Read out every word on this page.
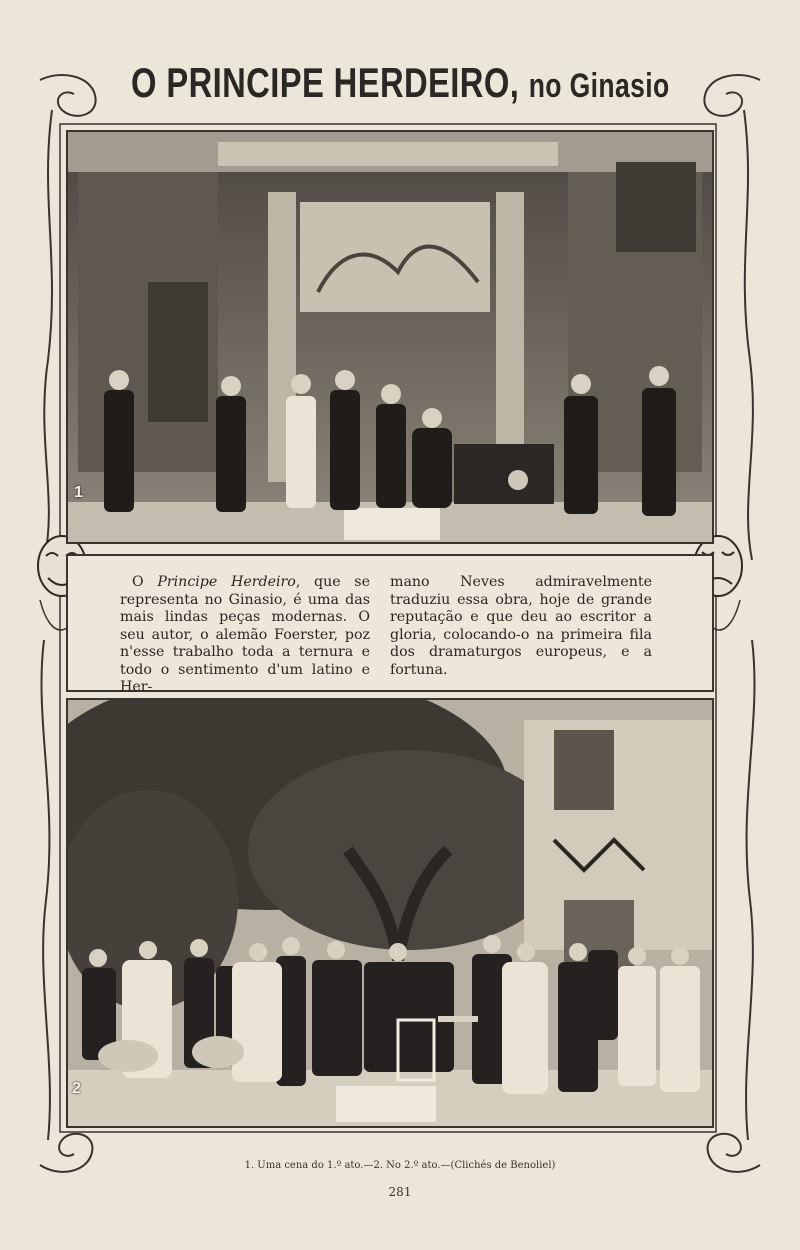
O PRINCIPE HERDEIRO, no Ginasio
1
O Principe Herdeiro, que se representa no Ginasio, é uma das mais lindas peças modernas. O seu autor, o alemão Foerster, poz n'esse trabalho toda a ternura e todo o sentimento d'um latino e Her-
mano Neves admiravelmente traduziu essa obra, hoje de grande reputação e que deu ao escritor a gloria, colocando-o na primeira fila dos dramaturgos europeus, e a fortuna.
2
1. Uma cena do 1.º ato.—2. No 2.º ato.—(Clichés de Benoliel)
281
